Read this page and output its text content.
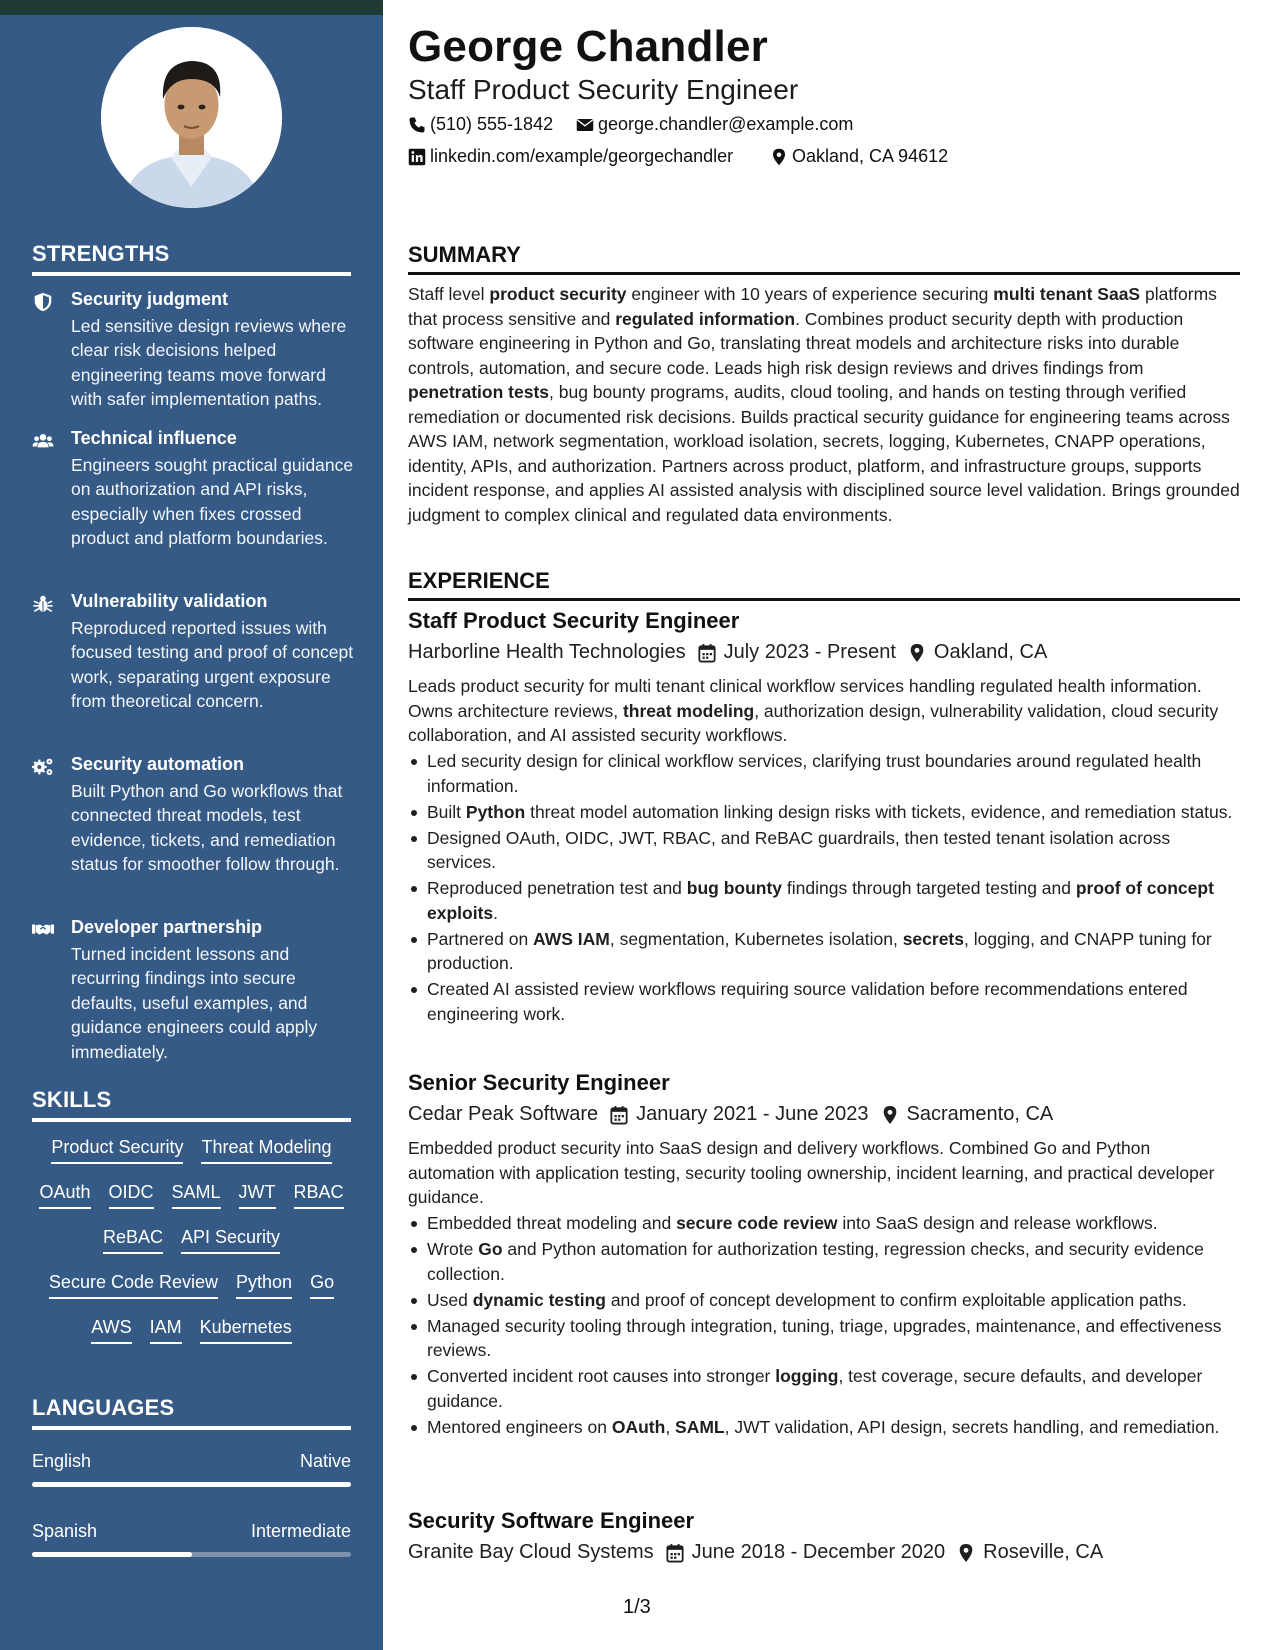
STRENGTHS
Security judgment
Led sensitive design reviews where clear risk decisions helped engineering teams move forward with safer implementation paths.
Technical influence
Engineers sought practical guidance on authorization and API risks, especially when fixes crossed product and platform boundaries.
Vulnerability validation
Reproduced reported issues with focused testing and proof of concept work, separating urgent exposure from theoretical concern.
Security automation
Built Python and Go workflows that connected threat models, test evidence, tickets, and remediation status for smoother follow through.
Developer partnership
Turned incident lessons and recurring findings into secure defaults, useful examples, and guidance engineers could apply immediately.
SKILLS
Product Security Threat Modeling
OAuth OIDC SAML JWT RBAC
ReBAC API Security
Secure Code Review Python Go
AWS IAM Kubernetes
LANGUAGES
English	Native
Spanish	Intermediate
George Chandler
Staff Product Security Engineer
(510) 555-1842 george.chandler@example.com
linkedin.com/example/georgechandler	Oakland, CA 94612
SUMMARY
Staff level product security engineer with 10 years of experience securing multi tenant SaaS platforms that process sensitive and regulated information. Combines product security depth with production software engineering in Python and Go, translating threat models and architecture risks into durable controls, automation, and secure code. Leads high risk design reviews and drives findings from penetration tests, bug bounty programs, audits, cloud tooling, and hands on testing through verified remediation or documented risk decisions. Builds practical security guidance for engineering teams across AWS IAM, network segmentation, workload isolation, secrets, logging, Kubernetes, CNAPP operations, identity, APIs, and authorization. Partners across product, platform, and infrastructure groups, supports incident response, and applies AI assisted analysis with disciplined source level validation. Brings grounded judgment to complex clinical and regulated data environments.
EXPERIENCE
Staff Product Security Engineer
Harborline Health Technologies July 2023 - Present Oakland, CA
Leads product security for multi tenant clinical workflow services handling regulated health information. Owns architecture reviews, threat modeling, authorization design, vulnerability validation, cloud security collaboration, and AI assisted security workflows.
Led security design for clinical workflow services, clarifying trust boundaries around regulated health information.
Built Python threat model automation linking design risks with tickets, evidence, and remediation status.
Designed OAuth, OIDC, JWT, RBAC, and ReBAC guardrails, then tested tenant isolation across services.
Reproduced penetration test and bug bounty findings through targeted testing and proof of concept exploits.
Partnered on AWS IAM, segmentation, Kubernetes isolation, secrets, logging, and CNAPP tuning for production.
Created AI assisted review workflows requiring source validation before recommendations entered engineering work.
Senior Security Engineer
Cedar Peak Software January 2021 - June 2023 Sacramento, CA
Embedded product security into SaaS design and delivery workflows. Combined Go and Python automation with application testing, security tooling ownership, incident learning, and practical developer guidance.
Embedded threat modeling and secure code review into SaaS design and release workflows.
Wrote Go and Python automation for authorization testing, regression checks, and security evidence collection.
Used dynamic testing and proof of concept development to confirm exploitable application paths.
Managed security tooling through integration, tuning, triage, upgrades, maintenance, and effectiveness reviews.
Converted incident root causes into stronger logging, test coverage, secure defaults, and developer guidance.
Mentored engineers on OAuth, SAML, JWT validation, API design, secrets handling, and remediation.
Security Software Engineer
Granite Bay Cloud Systems June 2018 - December 2020 Roseville, CA
1/3
